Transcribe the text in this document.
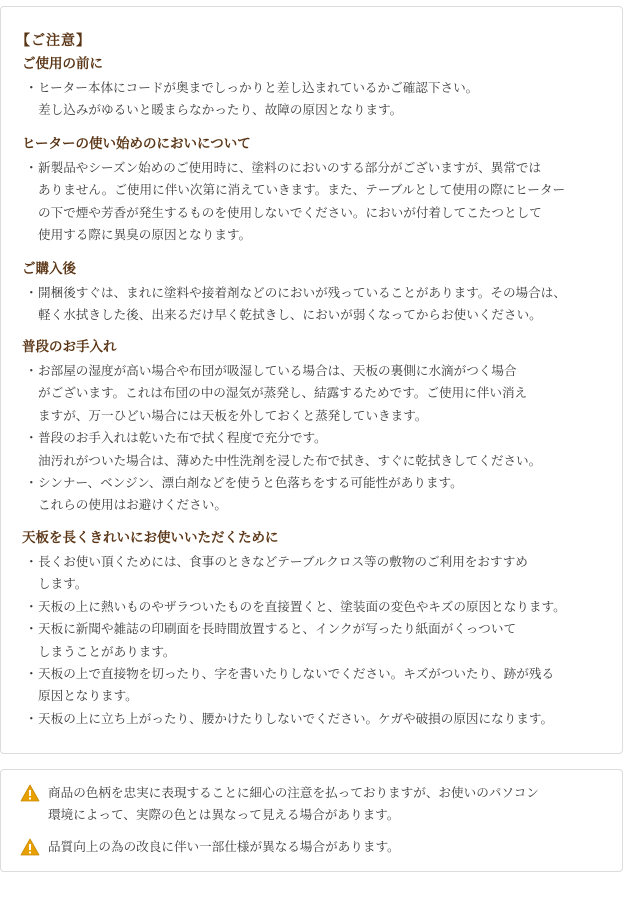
【ご注意】
ご使用の前に
・ ヒーター本体にコードが奥までしっかりと差し込まれているかご確認下さい。
差し込みがゆるいと暖まらなかったり、故障の原因となります。
ヒーターの使い始めのにおいについて
・ 新製品やシーズン始めのご使用時に、塗料のにおいのする部分がございますが、異常では
ありません。ご使用に伴い次第に消えていきます。また、テーブルとして使用の際にヒーター
の下で煙や芳香が発生するものを使用しないでください。においが付着してこたつとして
使用する際に異臭の原因となります。
ご購入後
・ 開梱後すぐは、まれに塗料や接着剤などのにおいが残っていることがあります。その場合は、
軽く水拭きした後、出来るだけ早く乾拭きし、においが弱くなってからお使いください。
普段のお手入れ
・ お部屋の湿度が高い場合や布団が吸湿している場合は、天板の裏側に水滴がつく場合
がございます。これは布団の中の湿気が蒸発し、結露するためです。ご使用に伴い消え
ますが、万一ひどい場合には天板を外しておくと蒸発していきます。
・ 普段のお手入れは乾いた布で拭く程度で充分です。
油汚れがついた場合は、薄めた中性洗剤を浸した布で拭き、すぐに乾拭きしてください。
・ シンナー、ベンジン、漂白剤などを使うと色落ちをする可能性があります。
これらの使用はお避けください。
天板を長くきれいにお使いいただくために
・ 長くお使い頂くためには、食事のときなどテーブルクロス等の敷物のご利用をおすすめ
します。
・ 天板の上に熱いものやザラついたものを直接置くと、塗装面の変色やキズの原因となります。
・ 天板に新聞や雑誌の印刷面を長時間放置すると、インクが写ったり紙面がくっついて
しまうことがあります。
・ 天板の上で直接物を切ったり、字を書いたりしないでください。キズがついたり、跡が残る
原因となります。
・ 天板の上に立ち上がったり、腰かけたりしないでください。ケガや破損の原因になります。
商品の色柄を忠実に表現することに細心の注意を払っておりますが、お使いのパソコン
環境によって、実際の色とは異なって見える場合があります。
品質向上の為の改良に伴い一部仕様が異なる場合があります。
